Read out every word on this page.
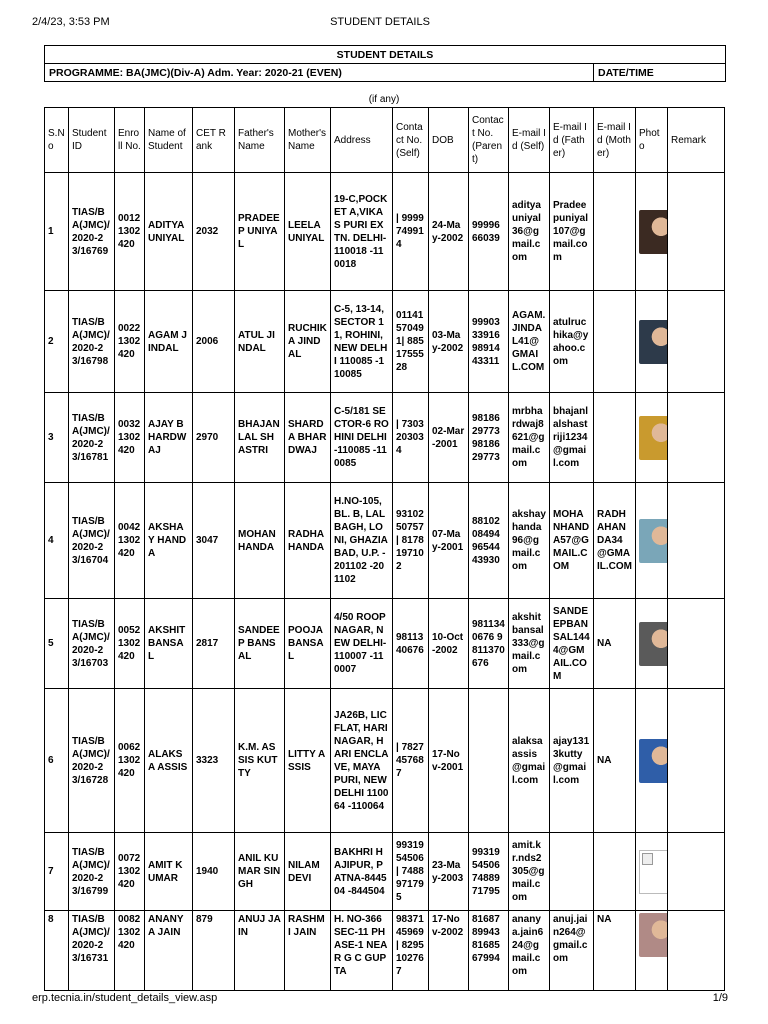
2/4/23, 3:53 PM	STUDENT DETAILS
STUDENT DETAILS
PROGRAMME: BA(JMC)(Div-A) Adm. Year: 2020-21 (EVEN)	DATE/TIME
(if any)
S.No	Student ID	Enroll No.	Name of Student	CET Rank	Father's Name	Mother's Name	Address	Contact No. (Self)	DOB	Contact No. (Parent)	E-mail Id (Self)	E-mail Id (Father)	E-mail Id (Mother)	Photo	Remark
1	TIAS/BA(JMC)/2020-23/16769	00121302420	ADITYA UNIYAL	2032	PRADEEP UNIYAL	LEELA UNIYAL	19-C,POCKET A,VIKAS PURI EXTN. DELHI-110018 -110018	| 9999749914	24-May-2002	9999666039	adityauniyal36@gmail.com	Pradeepuniyal107@gmail.com		

2	TIAS/BA(JMC)/2020-23/16798	00221302420	AGAM JINDAL	2006	ATUL JINDAL	RUCHIKA JINDAL	C-5, 13-14, SECTOR 11, ROHINI, NEW DELHI 110085 -110085	01141570491| 8851755528	03-May-2002	9990333916 9891443311	AGAM.JINDAL41@GMAIL.COM	atulruchika@yahoo.com		

3	TIAS/BA(JMC)/2020-23/16781	00321302420	AJAY BHARDWAJ	2970	BHAJAN LAL SHASTRI	SHARDA BHARDWAJ	C-5/181 SECTOR-6 ROHINI DELHI-110085 -110085	| 7303203034	02-Mar-2001	9818629773 9818629773	mrbhardwaj8621@gmail.com	bhajanlalshastriji1234@gmail.com		

4	TIAS/BA(JMC)/2020-23/16704	00421302420	AKSHAY HANDA	3047	MOHAN HANDA	RADHA HANDA	H.NO-105, BL. B, LALBAGH, LONI, GHAZIABAD, U.P. -201102 -201102	9310250757 | 8178197102	07-May-2001	8810208494 9654443930	akshayhanda96@gmail.com	MOHANHANDA57@GMAIL.COM	RADHAHANDA34@GMAIL.COM	

5	TIAS/BA(JMC)/2020-23/16703	00521302420	AKSHIT BANSAL	2817	SANDEEP BANSAL	POOJA BANSAL	4/50 ROOP NAGAR, NEW DELHI-110007 -110007	9811340676	10-Oct-2002	9811340676 9811370676	akshitbansal333@gmail.com	SANDEEPBANSAL1444@GMAIL.COM	NA	

6	TIAS/BA(JMC)/2020-23/16728	00621302420	ALAKSA ASSIS	3323	K.M. ASSIS KUTTY	LITTY ASSIS	JA26B, LIC FLAT, HARI NAGAR, HARI ENCLAVE, MAYA PURI, NEW DELHI 110064 -110064	| 7827457687	17-Nov-2001		alaksaassis@gmail.com	ajay1313kutty@gmail.com	NA	

7	TIAS/BA(JMC)/2020-23/16799	00721302420	AMIT KUMAR	1940	ANIL KUMAR SINGH	NILAM DEVI	BAKHRI HAJIPUR, PATNA-844504 -844504	9931954506 | 7488971795	23-May-2003	9931954506 7488971795	amit.kr.nds2305@gmail.com			

8	TIAS/BA(JMC)/2020-23/16731	00821302420	ANANYA JAIN	879	ANUJ JAIN	RASHMI JAIN	H. NO-366 SEC-11 PHASE-1 NEAR G C GUPTA	9837145969 | 8295102767	17-Nov-2002	8168789943 8168567994	ananya.jain624@gmail.com	anuj.jain264@gmail.com	NA	

erp.tecnia.in/student_details_view.asp	1/9
